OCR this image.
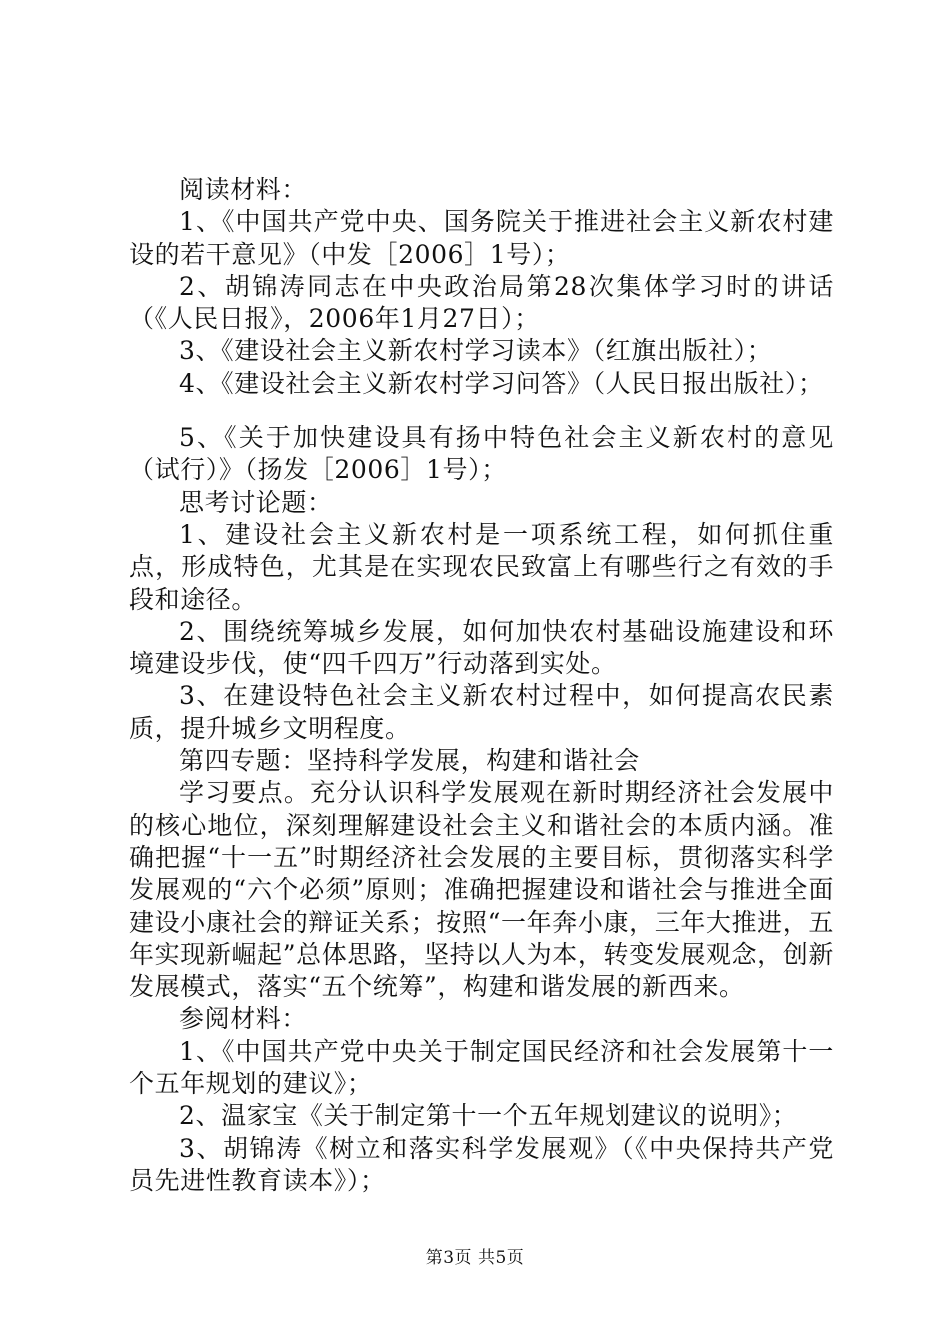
阅读材料：

1、《中国共产党中央、国务院关于推进社会主义新农村建设的若干意见》（中发［2006］1号）；

2、胡锦涛同志在中央政治局第28次集体学习时的讲话（《人民日报》，2006年1月27日）；

3、《建设社会主义新农村学习读本》（红旗出版社）；

4、《建设社会主义新农村学习问答》（人民日报出版社）；

5、《关于加快建设具有扬中特色社会主义新农村的意见（试行）》（扬发［2006］1号）；

思考讨论题：

1、建设社会主义新农村是一项系统工程，如何抓住重点，形成特色，尤其是在实现农民致富上有哪些行之有效的手段和途径。

2、围绕统筹城乡发展，如何加快农村基础设施建设和环境建设步伐，使“四千四万”行动落到实处。

3、在建设特色社会主义新农村过程中，如何提高农民素质，提升城乡文明程度。

第四专题：坚持科学发展，构建和谐社会

学习要点。充分认识科学发展观在新时期经济社会发展中的核心地位，深刻理解建设社会主义和谐社会的本质内涵。准确把握“十一五”时期经济社会发展的主要目标，贯彻落实科学发展观的“六个必须”原则；准确把握建设和谐社会与推进全面建设小康社会的辩证关系；按照“一年奔小康，三年大推进，五年实现新崛起”总体思路，坚持以人为本，转变发展观念，创新发展模式，落实“五个统筹”，构建和谐发展的新西来。

参阅材料：

1、《中国共产党中央关于制定国民经济和社会发展第十一个五年规划的建议》；

2、温家宝《关于制定第十一个五年规划建议的说明》；

3、胡锦涛《树立和落实科学发展观》（《中央保持共产党员先进性教育读本》）；

第3页 共5页
